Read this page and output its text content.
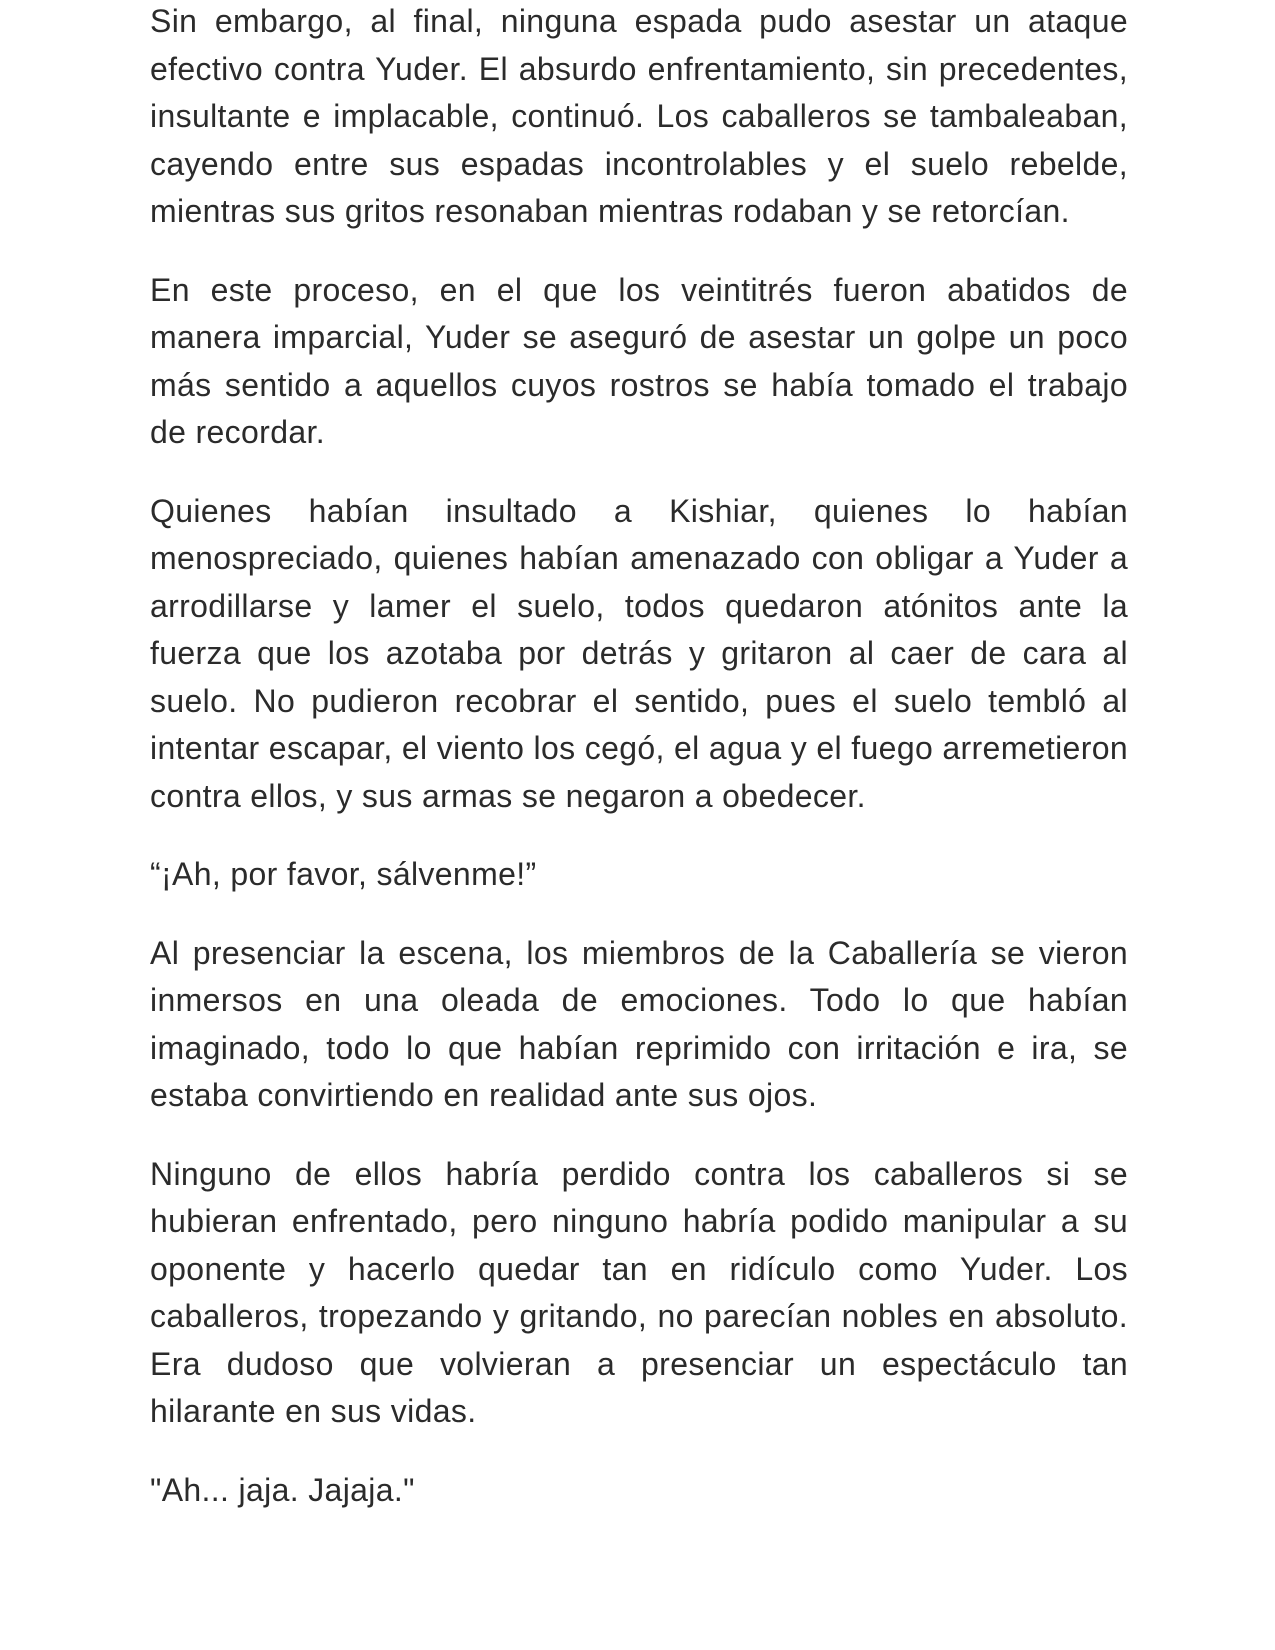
Sin embargo, al final, ninguna espada pudo asestar un ataque efectivo contra Yuder. El absurdo enfrentamiento, sin precedentes, insultante e implacable, continuó. Los caballeros se tambaleaban, cayendo entre sus espadas incontrolables y el suelo rebelde, mientras sus gritos resonaban mientras rodaban y se retorcían.

En este proceso, en el que los veintitrés fueron abatidos de manera imparcial, Yuder se aseguró de asestar un golpe un poco más sentido a aquellos cuyos rostros se había tomado el trabajo de recordar.

Quienes habían insultado a Kishiar, quienes lo habían menospreciado, quienes habían amenazado con obligar a Yuder a arrodillarse y lamer el suelo, todos quedaron atónitos ante la fuerza que los azotaba por detrás y gritaron al caer de cara al suelo. No pudieron recobrar el sentido, pues el suelo tembló al intentar escapar, el viento los cegó, el agua y el fuego arremetieron contra ellos, y sus armas se negaron a obedecer.

“¡Ah, por favor, sálvenme!”

Al presenciar la escena, los miembros de la Caballería se vieron inmersos en una oleada de emociones. Todo lo que habían imaginado, todo lo que habían reprimido con irritación e ira, se estaba convirtiendo en realidad ante sus ojos.

Ninguno de ellos habría perdido contra los caballeros si se hubieran enfrentado, pero ninguno habría podido manipular a su oponente y hacerlo quedar tan en ridículo como Yuder. Los caballeros, tropezando y gritando, no parecían nobles en absoluto. Era dudoso que volvieran a presenciar un espectáculo tan hilarante en sus vidas.

"Ah... jaja. Jajaja."
